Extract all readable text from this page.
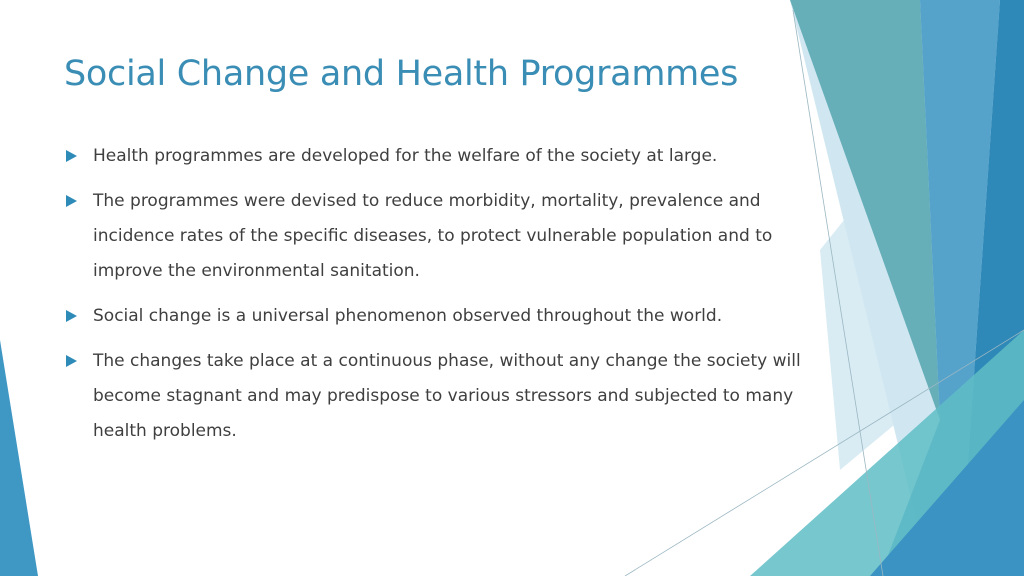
Social Change and Health Programmes
Health programmes are developed for the welfare of the society at large.
The programmes were devised to reduce morbidity, mortality, prevalence and incidence rates of the specific diseases, to protect vulnerable population and to improve the environmental sanitation.
Social change is a universal phenomenon observed throughout the world.
The changes take place at a continuous phase, without any change the society will become stagnant and may predispose to various stressors and subjected to many health problems.
